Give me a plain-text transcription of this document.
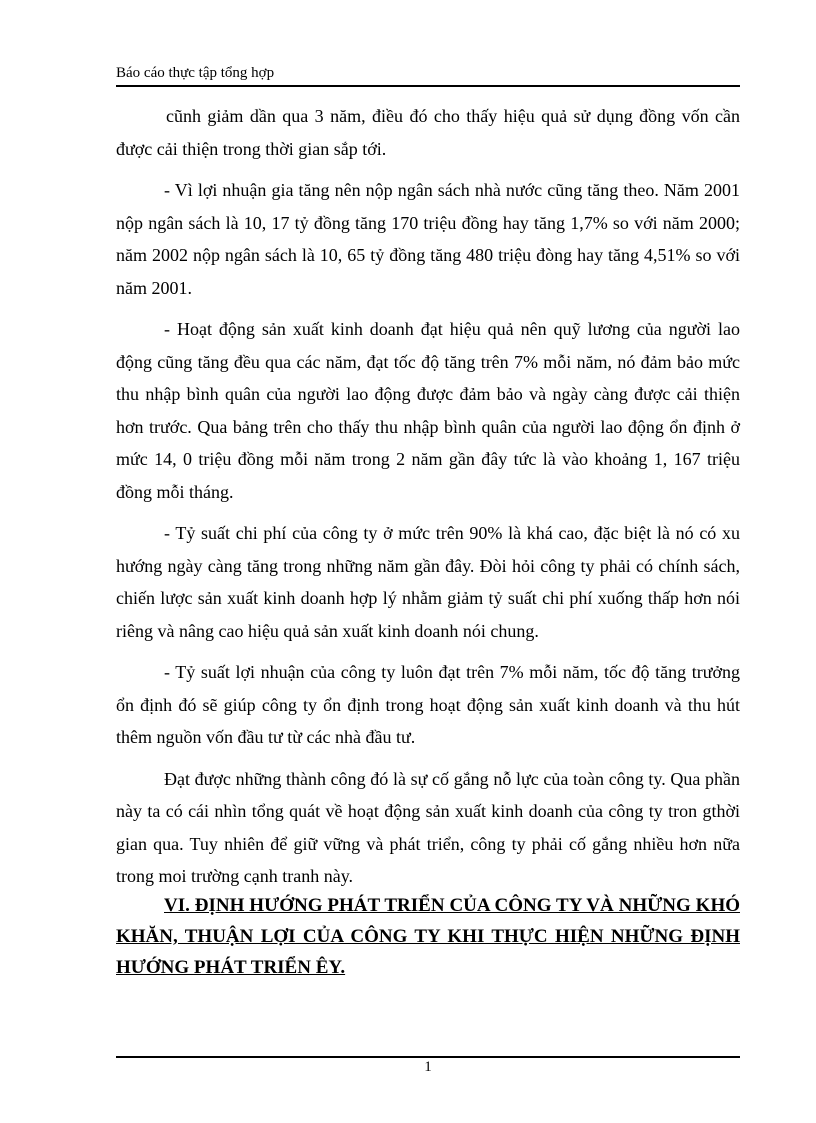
Báo cáo thực tập tổng hợp

cũnh giảm dần qua 3 năm, điều đó cho thấy hiệu quả sử dụng đồng vốn cần được cải thiện trong thời gian sắp tới.

- Vì lợi nhuận gia tăng nên nộp ngân sách nhà nước cũng tăng theo. Năm 2001 nộp ngân sách là 10, 17 tỷ đồng tăng 170 triệu đồng hay tăng 1,7% so với năm 2000; năm 2002 nộp ngân sách là 10, 65 tỷ đồng tăng 480 triệu đòng hay tăng 4,51% so với năm 2001.

- Hoạt động sản xuất kinh doanh đạt hiệu quả nên quỹ lương của người lao động cũng tăng đều qua các năm, đạt tốc độ tăng trên 7% mỗi năm, nó đảm bảo mức thu nhập bình quân của người lao động được đảm bảo và ngày càng được cải thiện hơn trước. Qua bảng trên cho thấy thu nhập bình quân của người lao động ổn định ở mức 14, 0 triệu đồng mỗi năm trong 2 năm gần đây tức là vào khoảng 1, 167 triệu đồng mỗi tháng.

- Tỷ suất chi phí của công ty ở mức trên 90% là khá cao, đặc biệt là nó có xu hướng ngày càng tăng trong những năm gần đây. Đòi hỏi công ty phải có chính sách, chiến lược sản xuất kinh doanh hợp lý nhằm giảm tỷ suất chi phí xuống thấp hơn nói riêng và nâng cao hiệu quả sản xuất kinh doanh nói chung.

- Tỷ suất lợi nhuận của công ty luôn đạt trên 7% mỗi năm, tốc độ tăng trưởng ổn định đó sẽ giúp công ty ổn định trong hoạt động sản xuất kinh doanh và thu hút thêm nguồn vốn đầu tư từ các nhà đầu tư.

Đạt được những thành công đó là sự cố gắng nỗ lực của toàn công ty. Qua phần này ta có cái nhìn tổng quát về hoạt động sản xuất kinh doanh của công ty tron gthời gian qua. Tuy nhiên để giữ vững và phát triển, công ty phải cố gắng nhiều hơn nữa trong moi trường cạnh tranh này.

VI. ĐỊNH HƯỚNG PHÁT TRIỂN CỦA CÔNG TY VÀ NHỮNG KHÓ KHĂN, THUẬN LỢI CỦA CÔNG TY KHI THỰC HIỆN NHỮNG ĐỊNH HƯỚNG PHÁT TRIỂN ÊY.
1
